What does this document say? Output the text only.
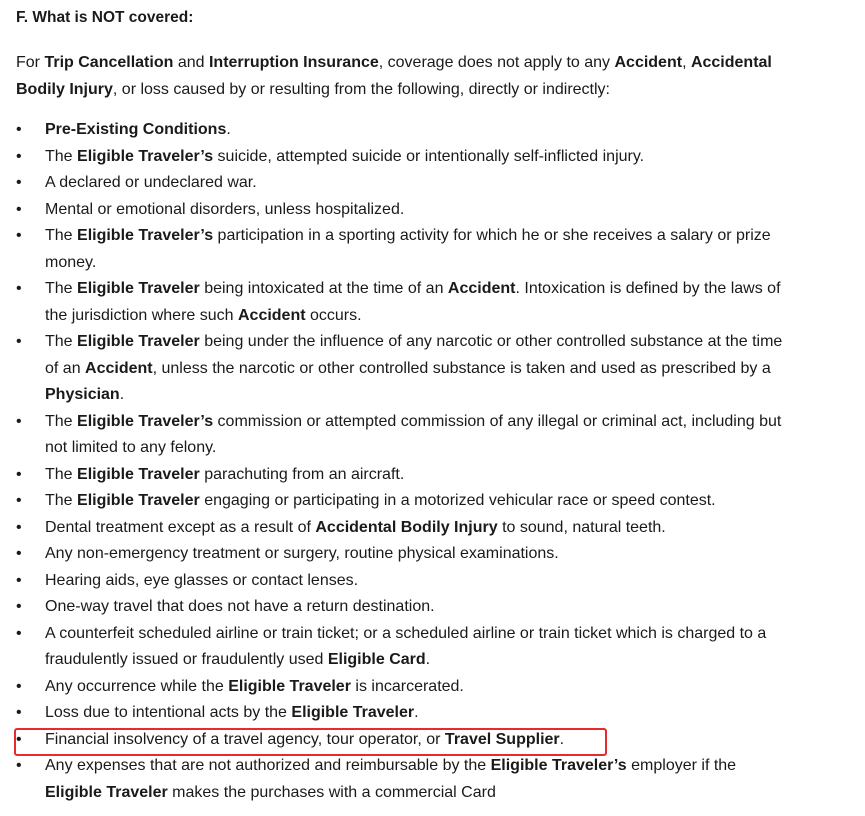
F. What is NOT covered:
For Trip Cancellation and Interruption Insurance, coverage does not apply to any Accident, Accidental Bodily Injury, or loss caused by or resulting from the following, directly or indirectly:
• Pre-Existing Conditions.
• The Eligible Traveler’s suicide, attempted suicide or intentionally self-inflicted injury.
• A declared or undeclared war.
• Mental or emotional disorders, unless hospitalized.
• The Eligible Traveler’s participation in a sporting activity for which he or she receives a salary or prize money.
• The Eligible Traveler being intoxicated at the time of an Accident. Intoxication is defined by the laws of the jurisdiction where such Accident occurs.
• The Eligible Traveler being under the influence of any narcotic or other controlled substance at the time of an Accident, unless the narcotic or other controlled substance is taken and used as prescribed by a Physician.
• The Eligible Traveler’s commission or attempted commission of any illegal or criminal act, including but not limited to any felony.
• The Eligible Traveler parachuting from an aircraft.
• The Eligible Traveler engaging or participating in a motorized vehicular race or speed contest.
• Dental treatment except as a result of Accidental Bodily Injury to sound, natural teeth.
• Any non-emergency treatment or surgery, routine physical examinations.
• Hearing aids, eye glasses or contact lenses.
• One-way travel that does not have a return destination.
• A counterfeit scheduled airline or train ticket; or a scheduled airline or train ticket which is charged to a fraudulently issued or fraudulently used Eligible Card.
• Any occurrence while the Eligible Traveler is incarcerated.
• Loss due to intentional acts by the Eligible Traveler.
• Financial insolvency of a travel agency, tour operator, or Travel Supplier.
• Any expenses that are not authorized and reimbursable by the Eligible Traveler’s employer if the Eligible Traveler makes the purchases with a commercial Card
